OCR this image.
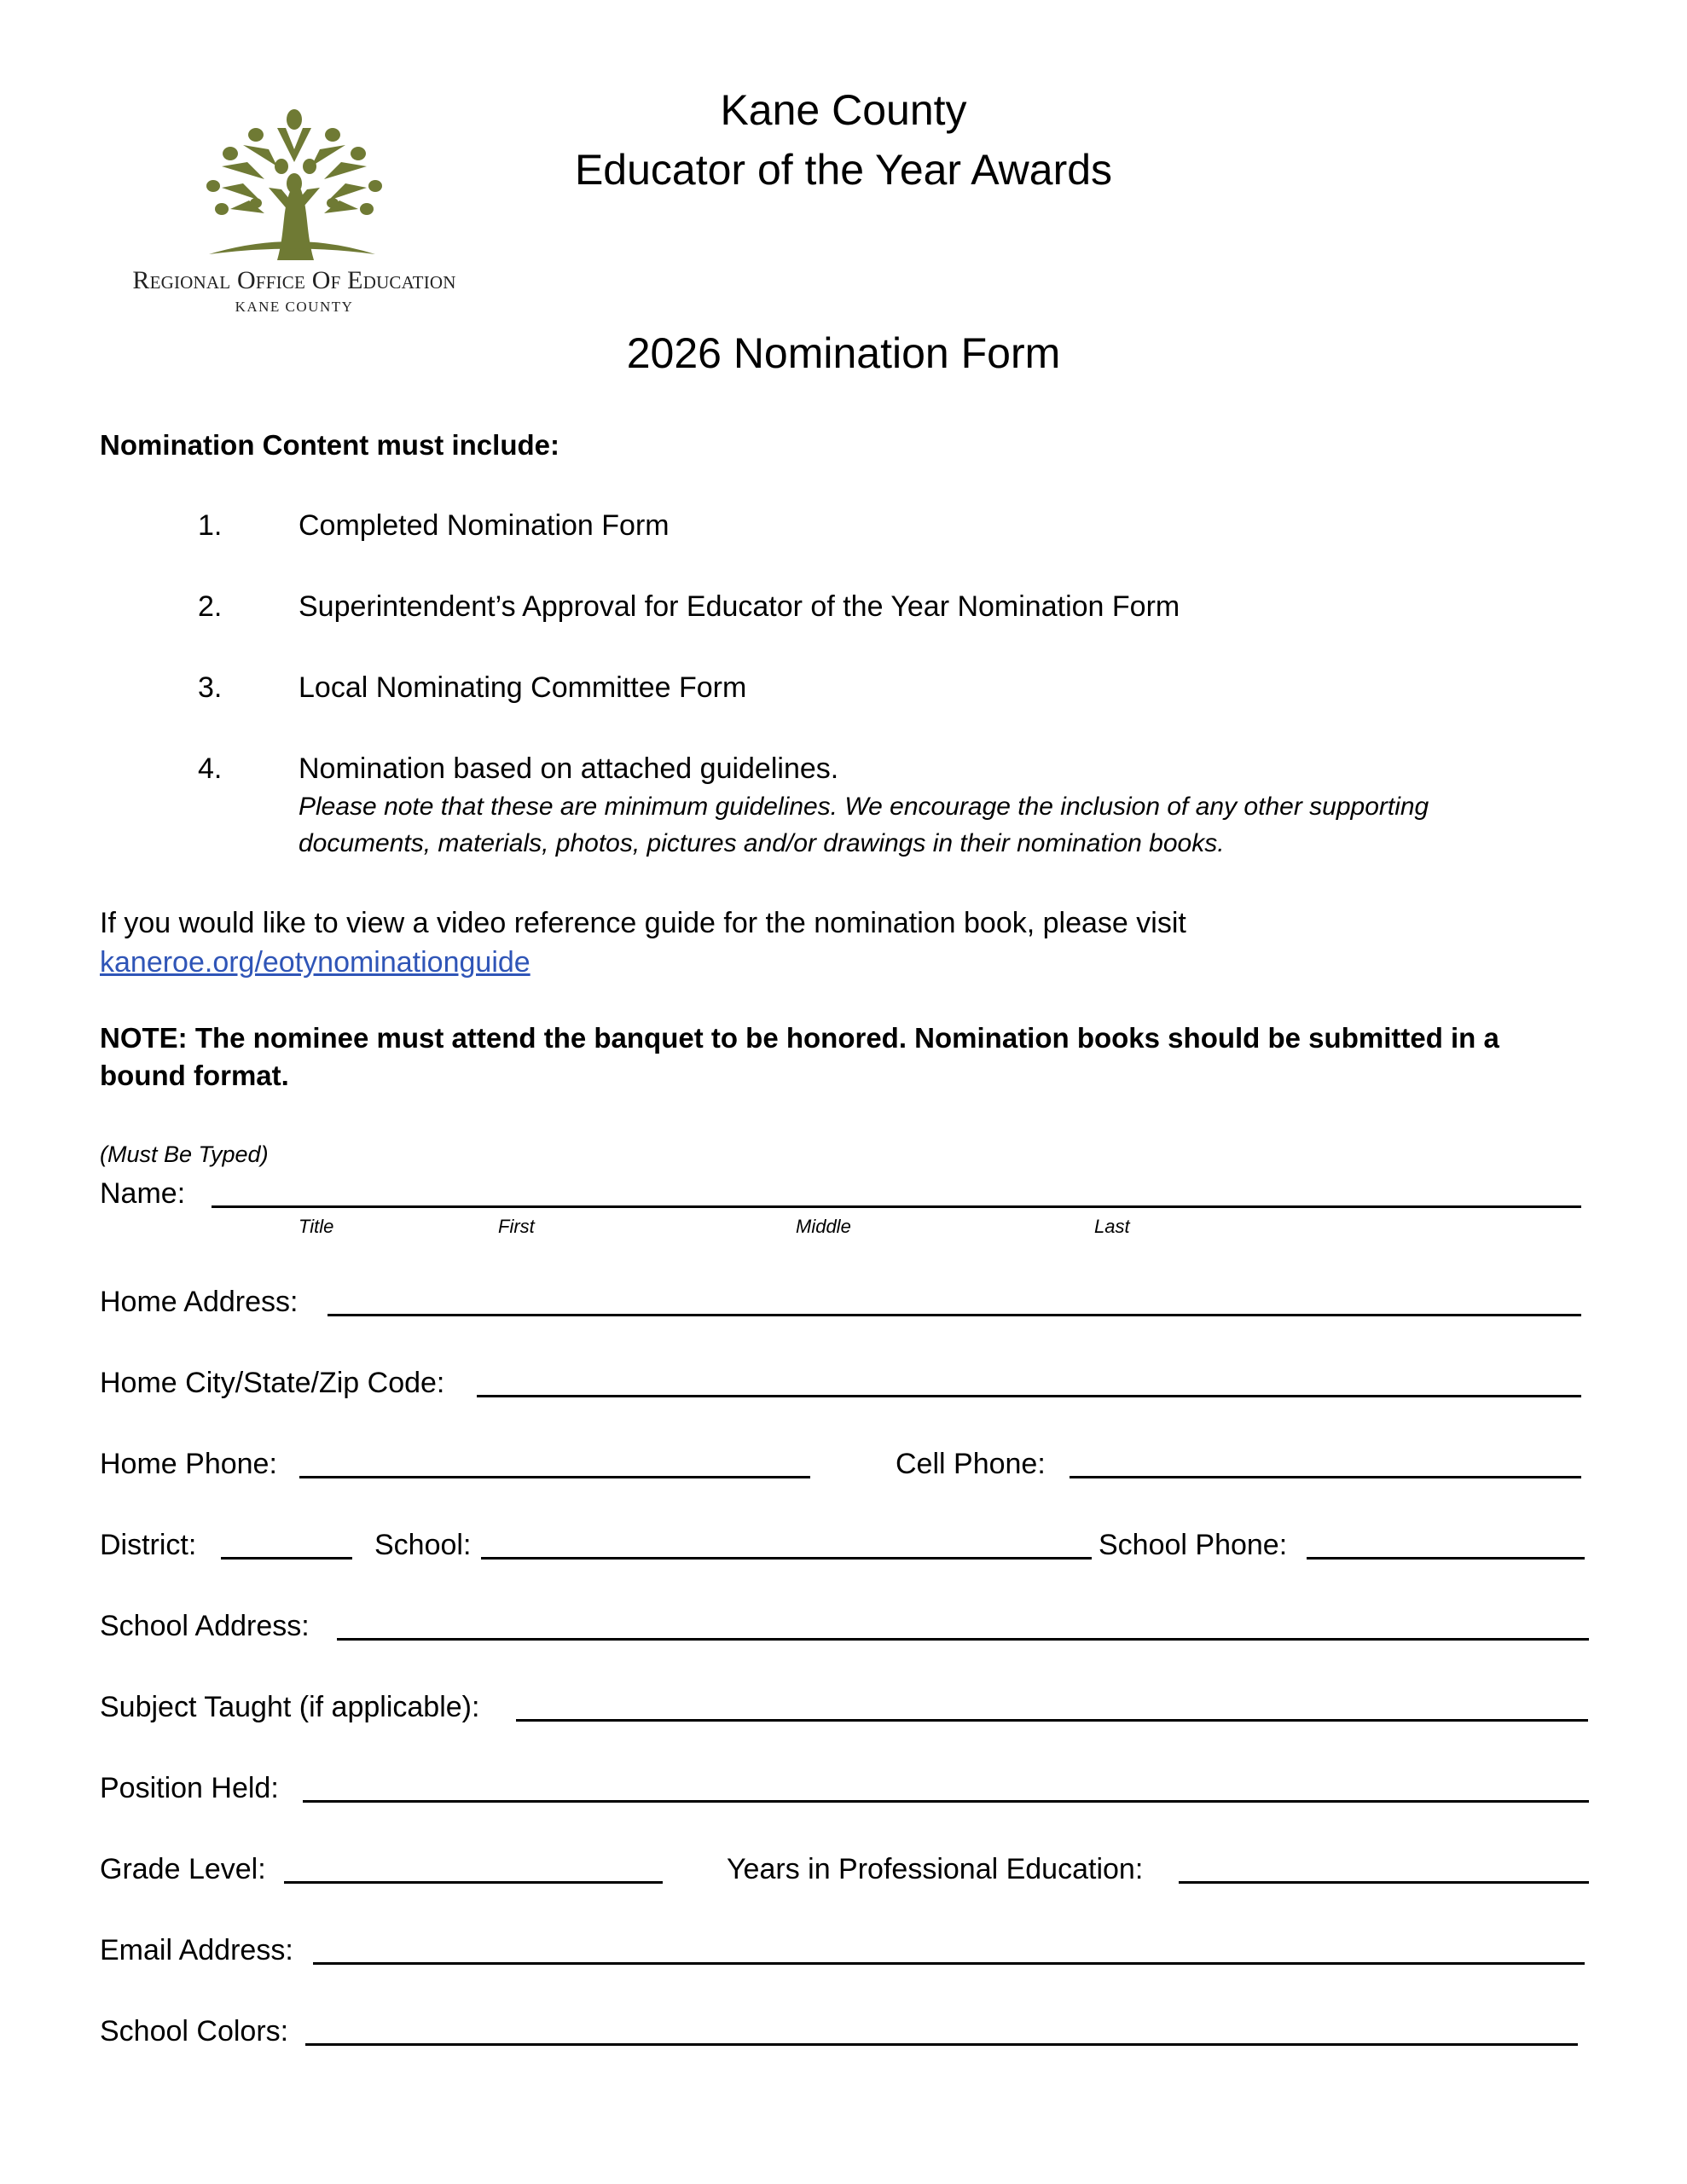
Regional Office Of Education
KANE COUNTY
Kane County
Educator of the Year Awards
2026 Nomination Form
Nomination Content must include:
1.	Completed Nomination Form
2.	Superintendent’s Approval for Educator of the Year Nomination Form
3.	Local Nominating Committee Form
4.	Nomination based on attached guidelines.
Please note that these are minimum guidelines. We encourage the inclusion of any other supporting
documents, materials, photos, pictures and/or drawings in their nomination books.
If you would like to view a video reference guide for the nomination book, please visit
kaneroe.org/eotynominationguide
NOTE: The nominee must attend the banquet to be honored. Nomination books should be submitted in a
bound format.
(Must Be Typed)
Name:
Title	First	Middle	Last
Home Address:
Home City/State/Zip Code:
Home Phone:	Cell Phone:
District:	School:	School Phone:
School Address:
Subject Taught (if applicable):
Position Held:
Grade Level:	Years in Professional Education:
Email Address:
School Colors:
